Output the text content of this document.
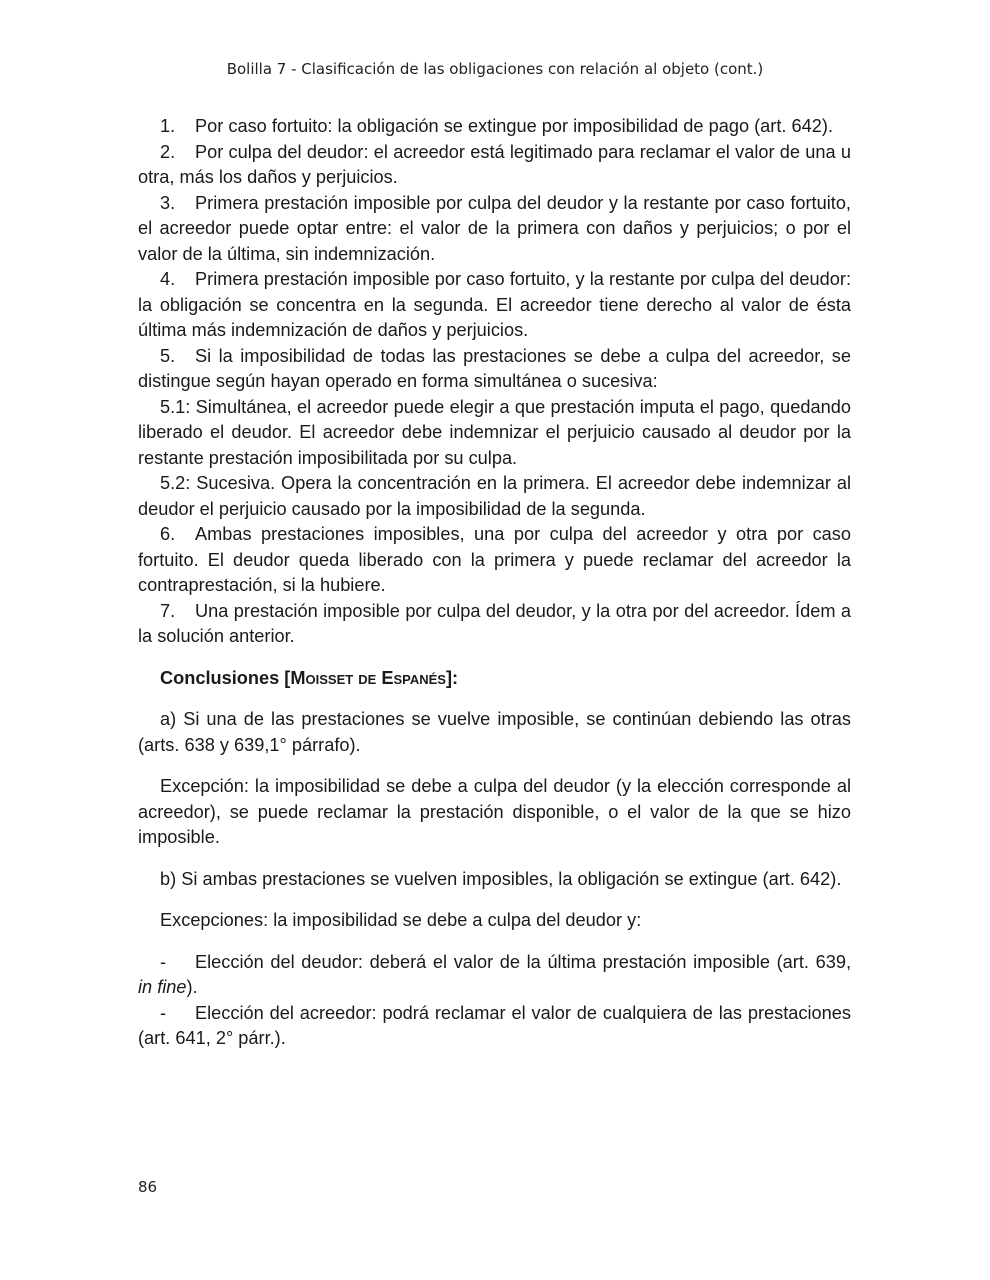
Bolilla 7 - Clasificación de las obligaciones con relación al objeto (cont.)

1. Por caso fortuito: la obligación se extingue por imposibilidad de pago (art. 642).

2. Por culpa del deudor: el acreedor está legitimado para reclamar el valor de una u otra, más los daños y perjuicios.

3. Primera prestación imposible por culpa del deudor y la restante por caso fortuito, el acreedor puede optar entre: el valor de la primera con daños y perjuicios; o por el valor de la última, sin indemnización.

4. Primera prestación imposible por caso fortuito, y la restante por culpa del deudor: la obligación se concentra en la segunda. El acreedor tiene derecho al valor de ésta última más indemnización de daños y perjuicios.

5. Si la imposibilidad de todas las prestaciones se debe a culpa del acreedor, se distingue según hayan operado en forma simultánea o sucesiva:

5.1: Simultánea, el acreedor puede elegir a que prestación imputa el pago, quedando liberado el deudor. El acreedor debe indemnizar el perjuicio causado al deudor por la restante prestación imposibilitada por su culpa.

5.2: Sucesiva. Opera la concentración en la primera. El acreedor debe indemnizar al deudor el perjuicio causado por la imposibilidad de la segunda.

6. Ambas prestaciones imposibles, una por culpa del acreedor y otra por caso fortuito. El deudor queda liberado con la primera y puede reclamar del acreedor la contraprestación, si la hubiere.

7. Una prestación imposible por culpa del deudor, y la otra por del acreedor. Ídem a la solución anterior.

Conclusiones [Moisset de Espanés]:

a) Si una de las prestaciones se vuelve imposible, se continúan debiendo las otras (arts. 638 y 639,1° párrafo).

Excepción: la imposibilidad se debe a culpa del deudor (y la elección corresponde al acreedor), se puede reclamar la prestación disponible, o el valor de la que se hizo imposible.

b) Si ambas prestaciones se vuelven imposibles, la obligación se extingue (art. 642).

Excepciones: la imposibilidad se debe a culpa del deudor y:

- Elección del deudor: deberá el valor de la última prestación imposible (art. 639, in fine).

- Elección del acreedor: podrá reclamar el valor de cualquiera de las prestaciones (art. 641, 2° párr.).

86
